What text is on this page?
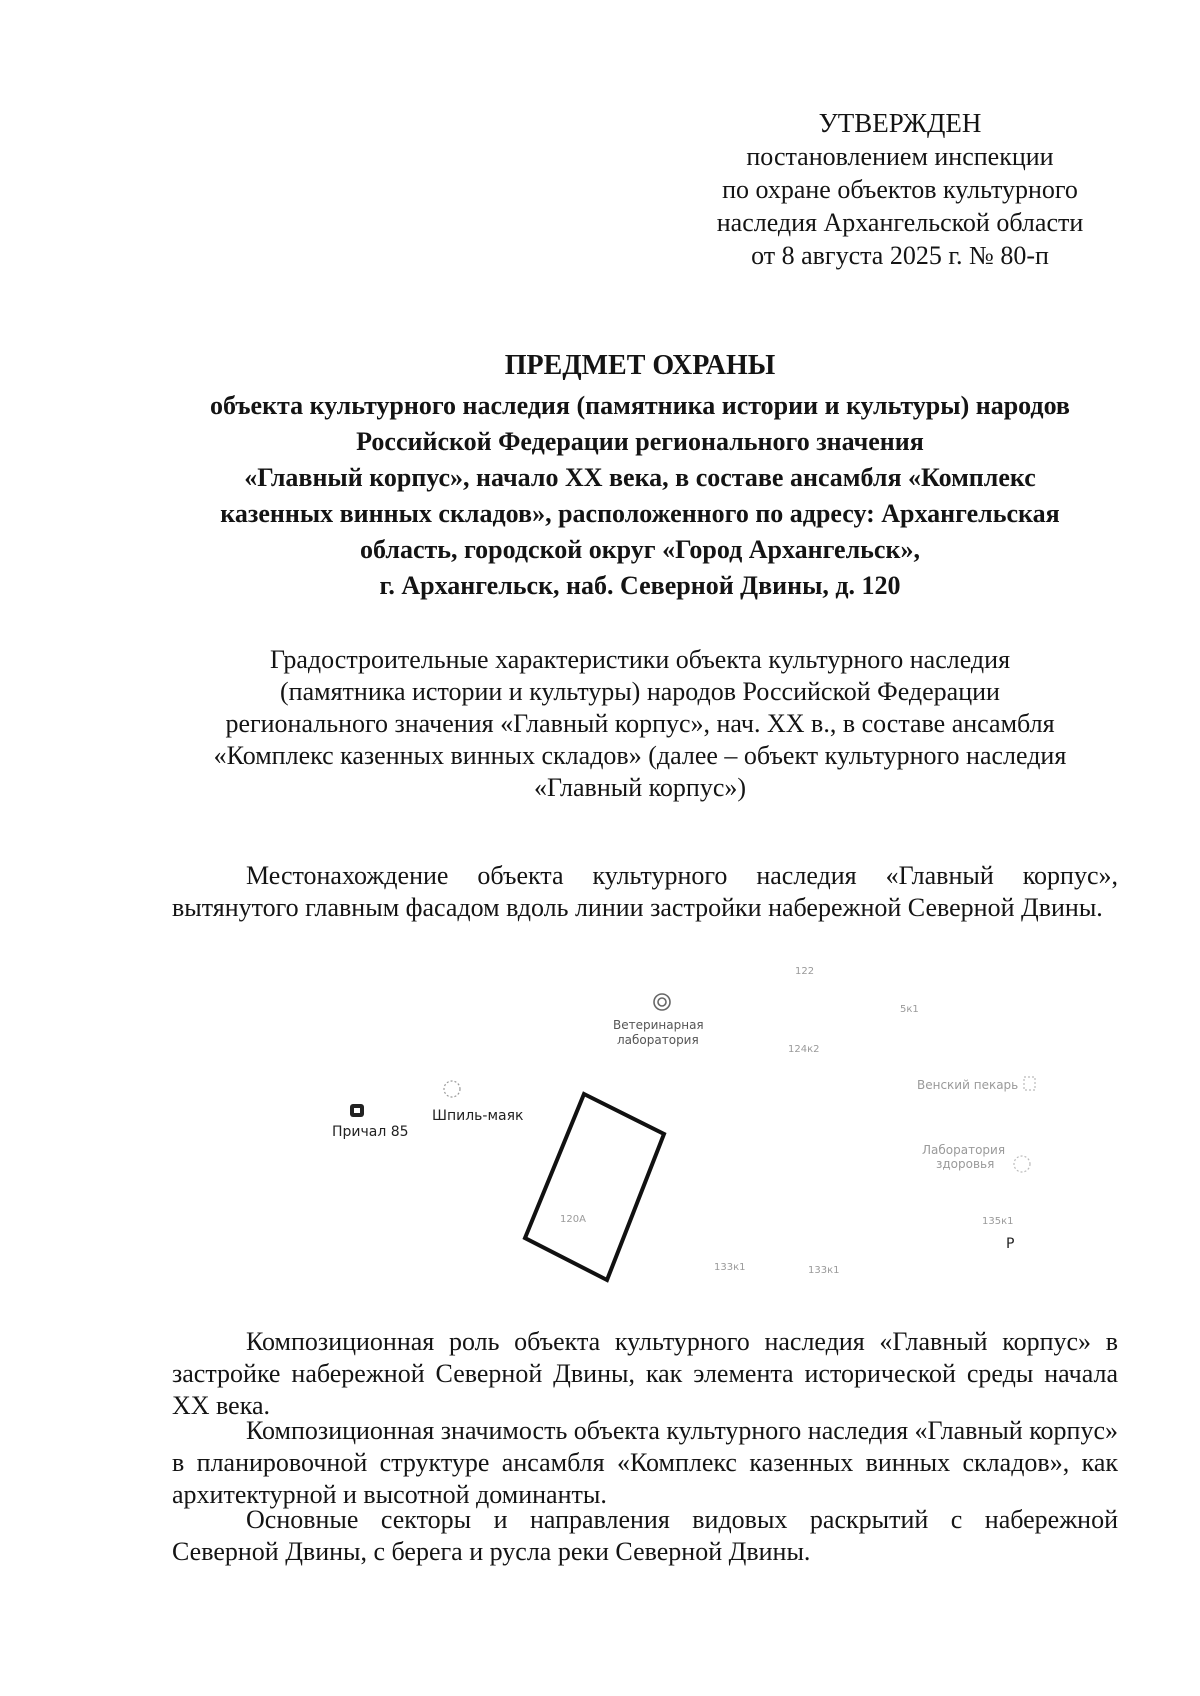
УТВЕРЖДЕН
постановлением инспекции
по охране объектов культурного
наследия Архангельской области
от 8 августа 2025 г. № 80-п
ПРЕДМЕТ ОХРАНЫ
объекта культурного наследия (памятника истории и культуры) народов
Российской Федерации регионального значения
«Главный корпус», начало XX века, в составе ансамбля «Комплекс
казенных винных складов», расположенного по адресу: Архангельская
область, городской округ «Город Архангельск»,
г. Архангельск, наб. Северной Двины, д. 120
Градостроительные характеристики объекта культурного наследия
(памятника истории и культуры) народов Российской Федерации
регионального значения «Главный корпус», нач. XX в., в составе ансамбля
«Комплекс казенных винных складов» (далее – объект культурного наследия
«Главный корпус»)
Местонахождение объекта культурного наследия «Главный корпус», вытянутого главным фасадом вдоль линии застройки набережной Северной Двины.
122
5к1
Ветеринарная
лаборатория
124к2
Венский пекарь
Шпиль-маяк
Причал 85
Лаборатория
здоровья
120А	135к1
Р
133к1	133к1
Композиционная роль объекта культурного наследия «Главный корпус» в застройке набережной Северной Двины, как элемента исторической среды начала XX века.
Композиционная значимость объекта культурного наследия «Главный корпус» в планировочной структуре ансамбля «Комплекс казенных винных складов», как архитектурной и высотной доминанты.
Основные секторы и направления видовых раскрытий с набережной Северной Двины, с берега и русла реки Северной Двины.
